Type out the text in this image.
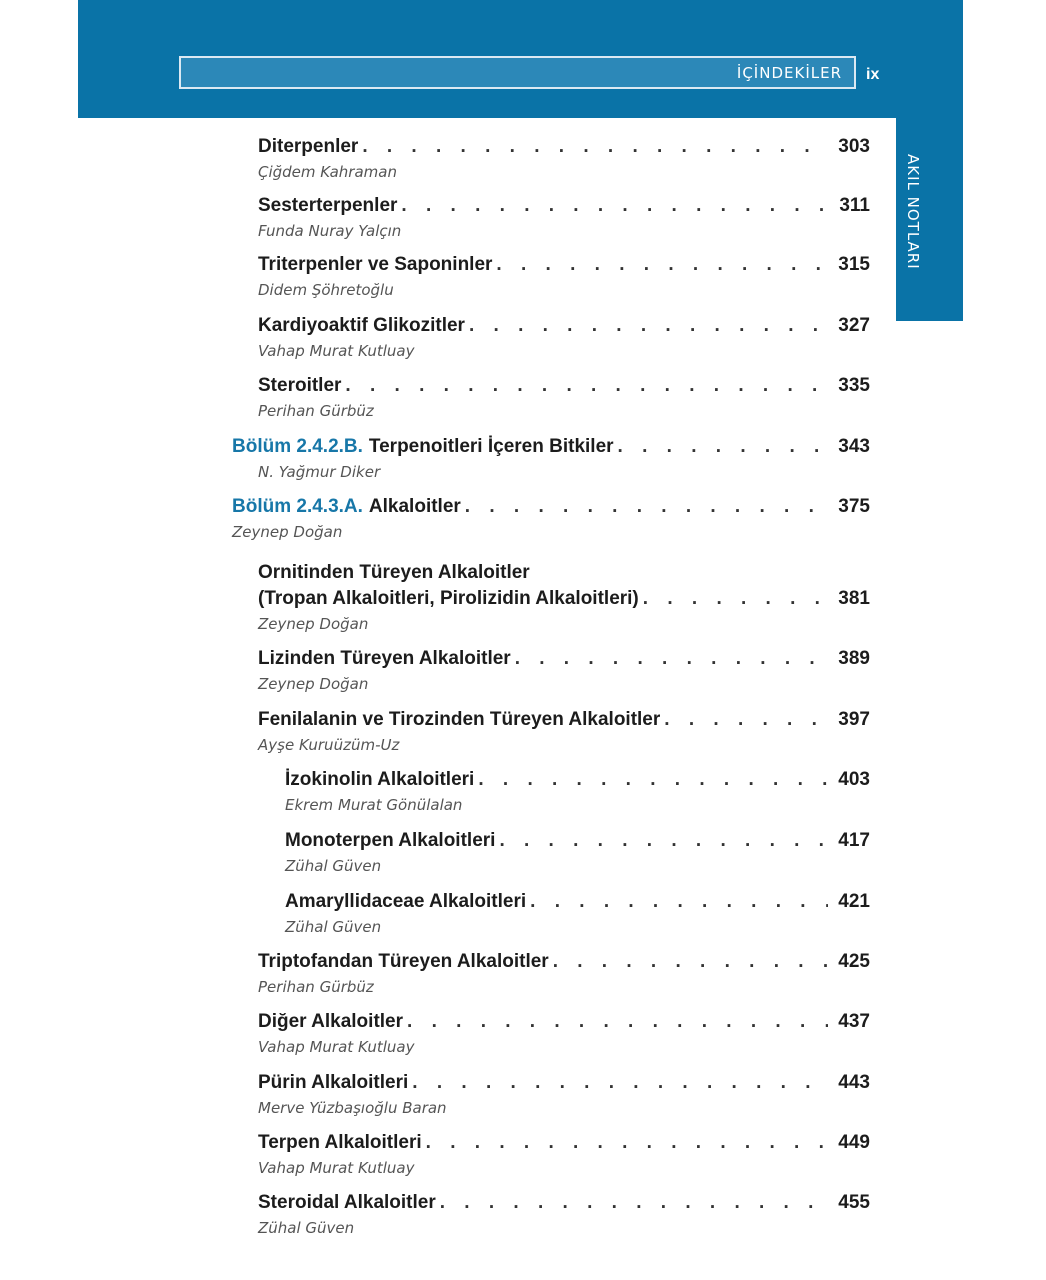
İÇİNDEKİLER ix
AKIL NOTLARI
Diterpenler . . .	303
Çiğdem Kahraman
Sesterterpenler . . .	311
Funda Nuray Yalçın
Triterpenler ve Saponinler . . .	315
Didem Şöhretoğlu
Kardiyoaktif Glikozitler . . .	327
Vahap Murat Kutluay
Steroitler . . .	335
Perihan Gürbüz
Bölüm 2.4.2.B. Terpenoitleri İçeren Bitkiler . . .	343
N. Yağmur Diker
Bölüm 2.4.3.A. Alkaloitler . . .	375
Zeynep Doğan
Ornitinden Türeyen Alkaloitler
(Tropan Alkaloitleri, Pirolizidin Alkaloitleri) . . .	381
Zeynep Doğan
Lizinden Türeyen Alkaloitler . . .	389
Zeynep Doğan
Fenilalanin ve Tirozinden Türeyen Alkaloitler . . .	397
Ayşe Kuruüzüm-Uz
İzokinolin Alkaloitleri . . .	403
Ekrem Murat Gönülalan
Monoterpen Alkaloitleri . . .	417
Zühal Güven
Amaryllidaceae Alkaloitleri . . .	421
Zühal Güven
Triptofandan Türeyen Alkaloitler . . .	425
Perihan Gürbüz
Diğer Alkaloitler . . .	437
Vahap Murat Kutluay
Pürin Alkaloitleri . . .	443
Merve Yüzbaşıoğlu Baran
Terpen Alkaloitleri . . .	449
Vahap Murat Kutluay
Steroidal Alkaloitler . . .	455
Zühal Güven
